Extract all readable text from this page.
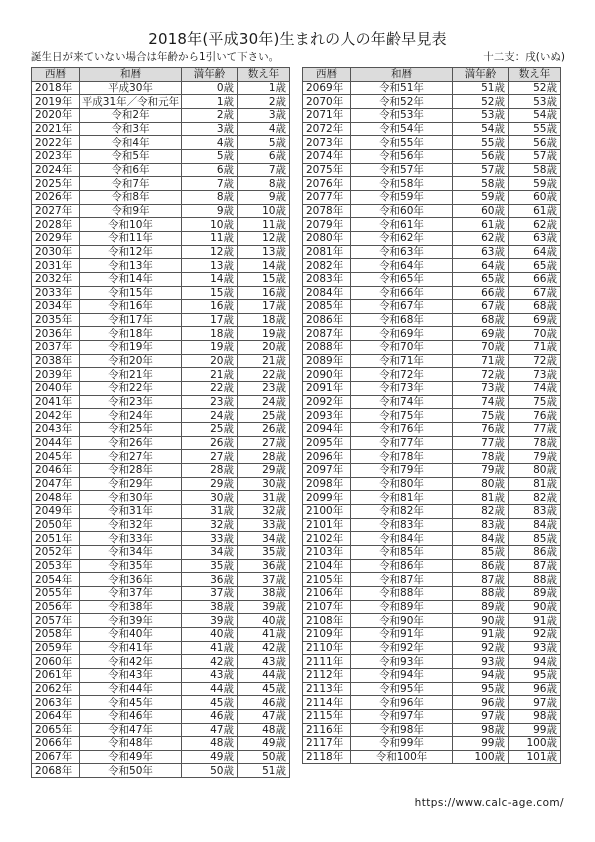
2018年(平成30年)生まれの人の年齢早見表
誕生日が来ていない場合は年齢から1引いて下さい。	十二支：戌(いぬ)
西暦	和暦	満年齢	数え年
2018年	平成30年	0歳	1歳
2019年	平成31年／令和元年	1歳	2歳
2020年	令和2年	2歳	3歳
2021年	令和3年	3歳	4歳
2022年	令和4年	4歳	5歳
2023年	令和5年	5歳	6歳
2024年	令和6年	6歳	7歳
2025年	令和7年	7歳	8歳
2026年	令和8年	8歳	9歳
2027年	令和9年	9歳	10歳
2028年	令和10年	10歳	11歳
2029年	令和11年	11歳	12歳
2030年	令和12年	12歳	13歳
2031年	令和13年	13歳	14歳
2032年	令和14年	14歳	15歳
2033年	令和15年	15歳	16歳
2034年	令和16年	16歳	17歳
2035年	令和17年	17歳	18歳
2036年	令和18年	18歳	19歳
2037年	令和19年	19歳	20歳
2038年	令和20年	20歳	21歳
2039年	令和21年	21歳	22歳
2040年	令和22年	22歳	23歳
2041年	令和23年	23歳	24歳
2042年	令和24年	24歳	25歳
2043年	令和25年	25歳	26歳
2044年	令和26年	26歳	27歳
2045年	令和27年	27歳	28歳
2046年	令和28年	28歳	29歳
2047年	令和29年	29歳	30歳
2048年	令和30年	30歳	31歳
2049年	令和31年	31歳	32歳
2050年	令和32年	32歳	33歳
2051年	令和33年	33歳	34歳
2052年	令和34年	34歳	35歳
2053年	令和35年	35歳	36歳
2054年	令和36年	36歳	37歳
2055年	令和37年	37歳	38歳
2056年	令和38年	38歳	39歳
2057年	令和39年	39歳	40歳
2058年	令和40年	40歳	41歳
2059年	令和41年	41歳	42歳
2060年	令和42年	42歳	43歳
2061年	令和43年	43歳	44歳
2062年	令和44年	44歳	45歳
2063年	令和45年	45歳	46歳
2064年	令和46年	46歳	47歳
2065年	令和47年	47歳	48歳
2066年	令和48年	48歳	49歳
2067年	令和49年	49歳	50歳
2068年	令和50年	50歳	51歳
西暦	和暦	満年齢	数え年
2069年	令和51年	51歳	52歳
2070年	令和52年	52歳	53歳
2071年	令和53年	53歳	54歳
2072年	令和54年	54歳	55歳
2073年	令和55年	55歳	56歳
2074年	令和56年	56歳	57歳
2075年	令和57年	57歳	58歳
2076年	令和58年	58歳	59歳
2077年	令和59年	59歳	60歳
2078年	令和60年	60歳	61歳
2079年	令和61年	61歳	62歳
2080年	令和62年	62歳	63歳
2081年	令和63年	63歳	64歳
2082年	令和64年	64歳	65歳
2083年	令和65年	65歳	66歳
2084年	令和66年	66歳	67歳
2085年	令和67年	67歳	68歳
2086年	令和68年	68歳	69歳
2087年	令和69年	69歳	70歳
2088年	令和70年	70歳	71歳
2089年	令和71年	71歳	72歳
2090年	令和72年	72歳	73歳
2091年	令和73年	73歳	74歳
2092年	令和74年	74歳	75歳
2093年	令和75年	75歳	76歳
2094年	令和76年	76歳	77歳
2095年	令和77年	77歳	78歳
2096年	令和78年	78歳	79歳
2097年	令和79年	79歳	80歳
2098年	令和80年	80歳	81歳
2099年	令和81年	81歳	82歳
2100年	令和82年	82歳	83歳
2101年	令和83年	83歳	84歳
2102年	令和84年	84歳	85歳
2103年	令和85年	85歳	86歳
2104年	令和86年	86歳	87歳
2105年	令和87年	87歳	88歳
2106年	令和88年	88歳	89歳
2107年	令和89年	89歳	90歳
2108年	令和90年	90歳	91歳
2109年	令和91年	91歳	92歳
2110年	令和92年	92歳	93歳
2111年	令和93年	93歳	94歳
2112年	令和94年	94歳	95歳
2113年	令和95年	95歳	96歳
2114年	令和96年	96歳	97歳
2115年	令和97年	97歳	98歳
2116年	令和98年	98歳	99歳
2117年	令和99年	99歳	100歳
2118年	令和100年	100歳	101歳
https://www.calc-age.com/
